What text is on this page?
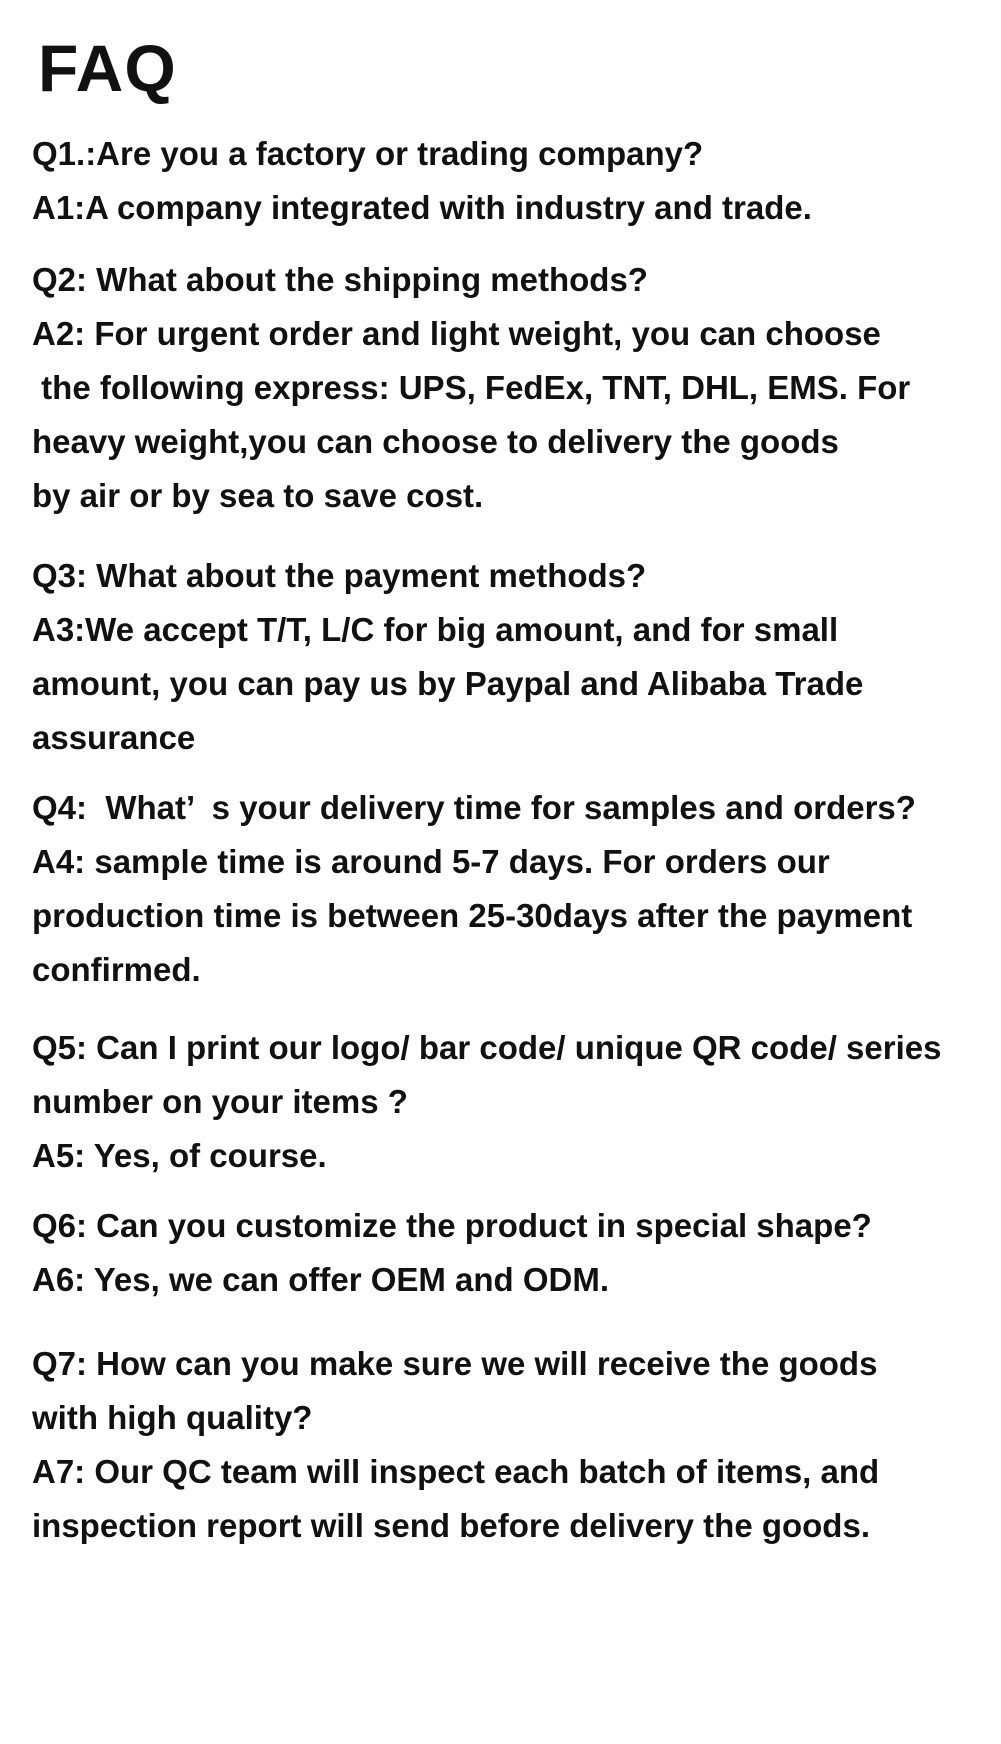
FAQ

Q1.:Are you a factory or trading company?

A1:A company integrated with industry and trade.

Q2: What about the shipping methods?

A2: For urgent order and light weight, you can choose

the following express: UPS, FedEx, TNT, DHL, EMS. For

heavy weight,you can choose to delivery the goods

by air or by sea to save cost.

Q3: What about the payment methods?

A3:We accept T/T, L/C for big amount, and for small

amount, you can pay us by Paypal and Alibaba Trade

assurance

Q4:  What’  s your delivery time for samples and orders?

A4: sample time is around 5-7 days. For orders our

production time is between 25-30days after the payment

confirmed.

Q5: Can I print our logo/ bar code/ unique QR code/ series

number on your items ?

A5: Yes, of course.

Q6: Can you customize the product in special shape?

A6: Yes, we can offer OEM and ODM.

Q7: How can you make sure we will receive the goods

with high quality?

A7: Our QC team will inspect each batch of items, and

inspection report will send before delivery the goods.
